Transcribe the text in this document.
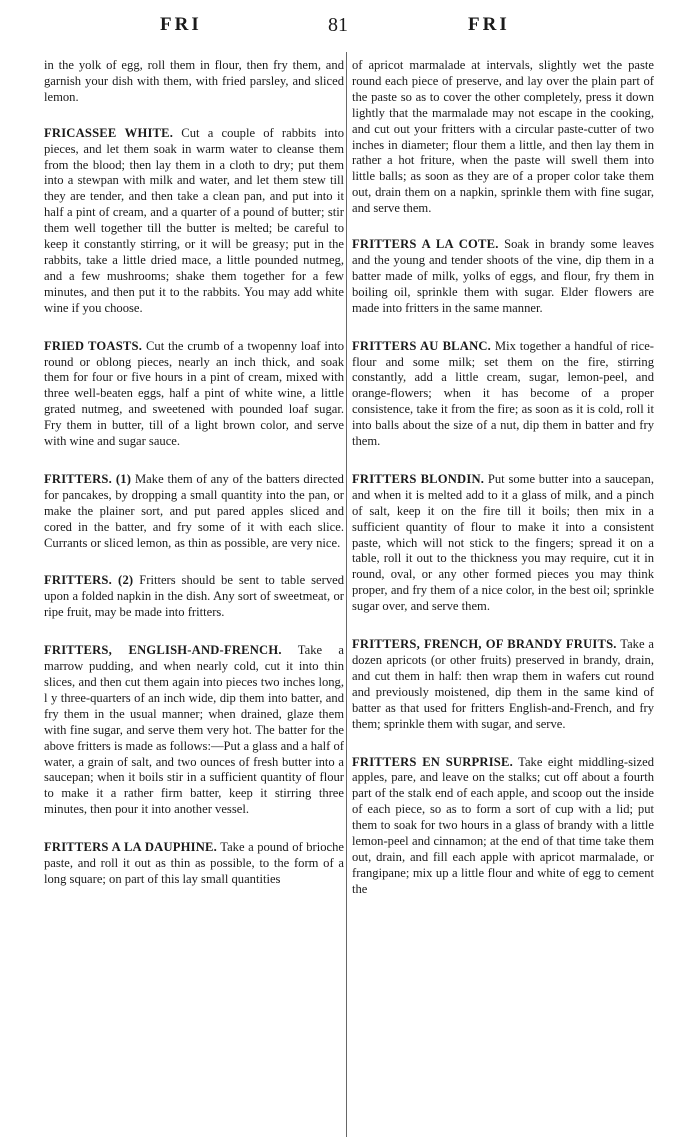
FRI	81	FRI

in the yolk of egg, roll them in flour, then fry them, and garnish your dish with them, with fried parsley, and sliced lemon.

FRICASSEE WHITE. Cut a couple of rabbits into pieces, and let them soak in warm water to cleanse them from the blood; then lay them in a cloth to dry; put them into a stewpan with milk and water, and let them stew till they are tender, and then take a clean pan, and put into it half a pint of cream, and a quarter of a pound of butter; stir them well together till the butter is melted; be careful to keep it constantly stirring, or it will be greasy; put in the rabbits, take a little dried mace, a little pounded nutmeg, and a few mushrooms; shake them together for a few minutes, and then put it to the rabbits. You may add white wine if you choose.

FRIED TOASTS. Cut the crumb of a twopenny loaf into round or oblong pieces, nearly an inch thick, and soak them for four or five hours in a pint of cream, mixed with three well-beaten eggs, half a pint of white wine, a little grated nutmeg, and sweetened with pounded loaf sugar. Fry them in butter, till of a light brown color, and serve with wine and sugar sauce.

FRITTERS. (1) Make them of any of the batters directed for pancakes, by dropping a small quantity into the pan, or make the plainer sort, and put pared apples sliced and cored in the batter, and fry some of it with each slice. Currants or sliced lemon, as thin as possible, are very nice.

FRITTERS. (2) Fritters should be sent to table served upon a folded napkin in the dish. Any sort of sweetmeat, or ripe fruit, may be made into fritters.

FRITTERS, ENGLISH-AND-FRENCH. Take a marrow pudding, and when nearly cold, cut it into thin slices, and then cut them again into pieces two inches long, l y three-quarters of an inch wide, dip them into batter, and fry them in the usual manner; when drained, glaze them with fine sugar, and serve them very hot. The batter for the above fritters is made as follows:—Put a glass and a half of water, a grain of salt, and two ounces of fresh butter into a saucepan; when it boils stir in a sufficient quantity of flour to make it a rather firm batter, keep it stirring three minutes, then pour it into another vessel.

FRITTERS A LA DAUPHINE. Take a pound of brioche paste, and roll it out as thin as possible, to the form of a long square; on part of this lay small quantities

of apricot marmalade at intervals, slightly wet the paste round each piece of preserve, and lay over the plain part of the paste so as to cover the other completely, press it down lightly that the marmalade may not escape in the cooking, and cut out your fritters with a circular paste-cutter of two inches in diameter; flour them a little, and then lay them in rather a hot friture, when the paste will swell them into little balls; as soon as they are of a proper color take them out, drain them on a napkin, sprinkle them with fine sugar, and serve them.

FRITTERS A LA COTE. Soak in brandy some leaves and the young and tender shoots of the vine, dip them in a batter made of milk, yolks of eggs, and flour, fry them in boiling oil, sprinkle them with sugar. Elder flowers are made into fritters in the same manner.

FRITTERS AU BLANC. Mix together a handful of rice-flour and some milk; set them on the fire, stirring constantly, add a little cream, sugar, lemon-peel, and orange-flowers; when it has become of a proper consistence, take it from the fire; as soon as it is cold, roll it into balls about the size of a nut, dip them in batter and fry them.

FRITTERS BLONDIN. Put some butter into a saucepan, and when it is melted add to it a glass of milk, and a pinch of salt, keep it on the fire till it boils; then mix in a sufficient quantity of flour to make it into a consistent paste, which will not stick to the fingers; spread it on a table, roll it out to the thickness you may require, cut it in round, oval, or any other formed pieces you may think proper, and fry them of a nice color, in the best oil; sprinkle sugar over, and serve them.

FRITTERS, FRENCH, OF BRANDY FRUITS. Take a dozen apricots (or other fruits) preserved in brandy, drain, and cut them in half: then wrap them in wafers cut round and previously moistened, dip them in the same kind of batter as that used for fritters English-and-French, and fry them; sprinkle them with sugar, and serve.

FRITTERS EN SURPRISE. Take eight middling-sized apples, pare, and leave on the stalks; cut off about a fourth part of the stalk end of each apple, and scoop out the inside of each piece, so as to form a sort of cup with a lid; put them to soak for two hours in a glass of brandy with a little lemon-peel and cinnamon; at the end of that time take them out, drain, and fill each apple with apricot marmalade, or frangipane; mix up a little flour and white of egg to cement the
